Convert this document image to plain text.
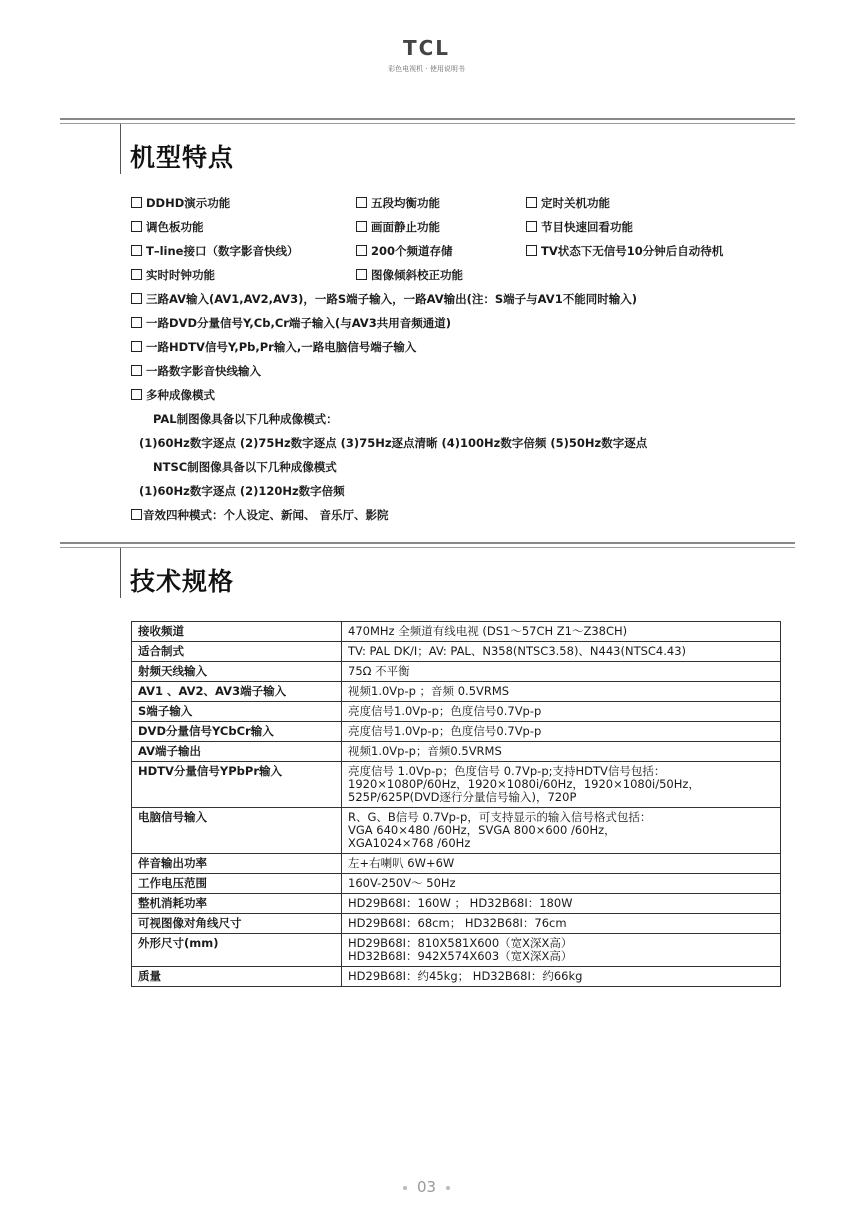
TCL
彩色电视机 · 使用说明书
机型特点
DDHD演示功能	五段均衡功能	定时关机功能
调色板功能	画面静止功能	节目快速回看功能
T–line接口（数字影音快线）	200个频道存储	TV状态下无信号10分钟后自动待机
实时时钟功能	图像倾斜校正功能
三路AV输入(AV1,AV2,AV3)，一路S端子输入，一路AV输出(注：S端子与AV1不能同时输入)
一路DVD分量信号Y,Cb,Cr端子输入(与AV3共用音频通道)
一路HDTV信号Y,Pb,Pr输入,一路电脑信号端子输入
一路数字影音快线输入
多种成像模式
PAL制图像具备以下几种成像模式：
(1)60Hz数字逐点 (2)75Hz数字逐点 (3)75Hz逐点清晰 (4)100Hz数字倍频 (5)50Hz数字逐点
NTSC制图像具备以下几种成像模式
(1)60Hz数字逐点 (2)120Hz数字倍频
音效四种模式：个人设定、新闻、 音乐厅、影院
技术规格
接收频道	470MHz 全频道有线电视 (DS1～57CH Z1～Z38CH)
适合制式	TV: PAL DK/I；AV: PAL、N358(NTSC3.58)、N443(NTSC4.43)
射频天线输入	75Ω 不平衡
AV1 、AV2、AV3端子输入	视频1.0Vp-p ；音频 0.5VRMS
S端子输入	亮度信号1.0Vp-p；色度信号0.7Vp-p
DVD分量信号YCbCr输入	亮度信号1.0Vp-p；色度信号0.7Vp-p
AV端子输出	视频1.0Vp-p；音频0.5VRMS
HDTV分量信号YPbPr输入	亮度信号 1.0Vp-p；色度信号 0.7Vp-p;支持HDTV信号包括：
1920×1080P/60Hz，1920×1080i/60Hz，1920×1080i/50Hz，
525P/625P(DVD逐行分量信号输入)，720P
电脑信号输入	R、G、B信号 0.7Vp-p，可支持显示的输入信号格式包括：
VGA 640×480 /60Hz，SVGA 800×600 /60Hz，
XGA1024×768 /60Hz
伴音输出功率	左+右喇叭 6W+6W
工作电压范围	160V-250V～ 50Hz
整机消耗功率	HD29B68I：160W ； HD32B68I：180W
可视图像对角线尺寸	HD29B68I：68cm； HD32B68I：76cm
外形尺寸(mm)	HD29B68I：810X581X600（宽X深X高）
HD32B68I：942X574X603（宽X深X高）
质量	HD29B68I：约45kg； HD32B68I：约66kg
03
